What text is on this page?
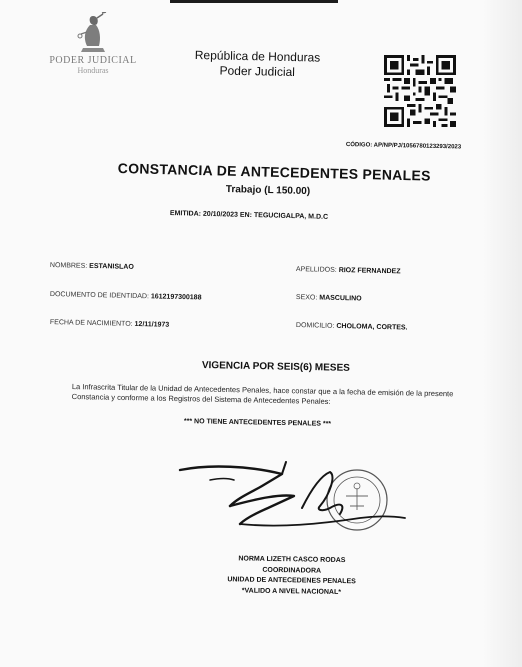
PODER JUDICIAL
Honduras
República de Honduras
Poder Judicial
CÓDIGO: AP/NP/PJ/1056780123293/2023
CONSTANCIA DE ANTECEDENTES PENALES
Trabajo (L 150.00)
EMITIDA: 20/10/2023 EN: TEGUCIGALPA, M.D.C
NOMBRES: ESTANISLAO	APELLIDOS: RIOZ FERNANDEZ
DOCUMENTO DE IDENTIDAD: 1612197300188	SEXO: MASCULINO
FECHA DE NACIMIENTO: 12/11/1973	DOMICILIO: CHOLOMA, CORTES.
VIGENCIA POR SEIS(6) MESES
La Infrascrita Titular de la Unidad de Antecedentes Penales, hace constar que a la fecha de emisión de la presente Constancia y conforme a los Registros del Sistema de Antecedentes Penales:
*** NO TIENE ANTECEDENTES PENALES ***
NORMA LIZETH CASCO RODAS
COORDINADORA
UNIDAD DE ANTECEDENES PENALES
*VALIDO A NIVEL NACIONAL*
